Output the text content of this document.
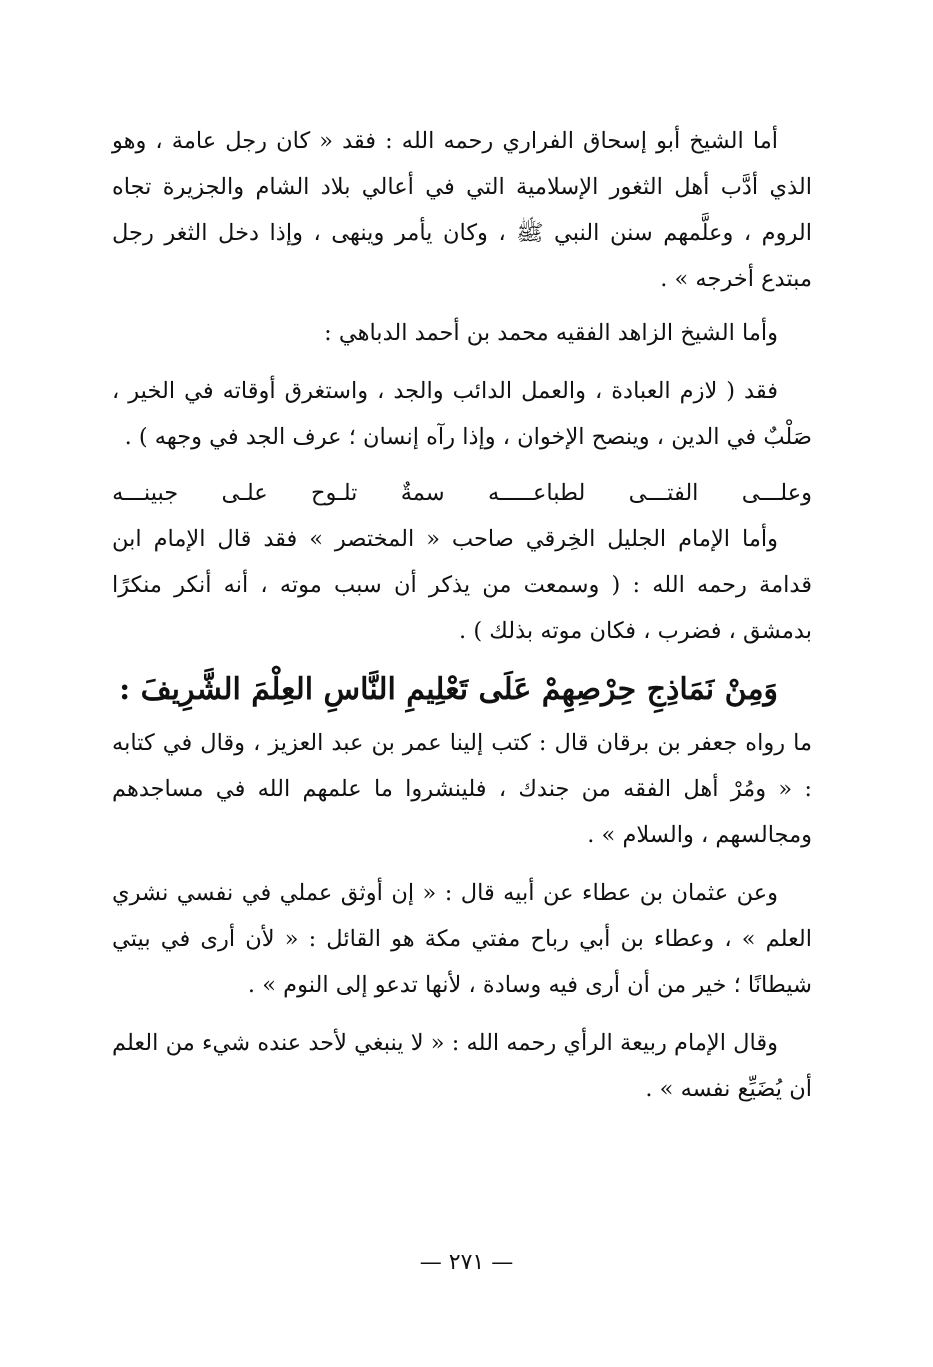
أما الشيخ أبو إسحاق الفراري رحمه الله : فقد « كان رجل عامة ، وهو الذي أدَّب أهل الثغور الإسلامية التي في أعالي بلاد الشام والجزيرة تجاه الروم ، وعلَّمهم سنن النبي ﷺ ، وكان يأمر وينهى ، وإذا دخل الثغر رجل مبتدع أخرجه » .

وأما الشيخ الزاهد الفقيه محمد بن أحمد الدباهي :

فقد ( لازم العبادة ، والعمل الدائب والجد ، واستغرق أوقاته في الخير ، صَلْبٌ في الدين ، وينصح الإخوان ، وإذا رآه إنسان ؛ عرف الجد في وجهه ) .

وعلـــى
الفتـــى
لطباعـــــه
سمةٌ
تلـوح
علـى
جبينـــه

وأما الإمام الجليل الخِرقي صاحب « المختصر » فقد قال الإمام ابن قدامة رحمه الله : ( وسمعت من يذكر أن سبب موته ، أنه أنكر منكرًا بدمشق ، فضرب ، فكان موته بذلك ) .

وَمِنْ نَمَاذِجِ حِرْصِهِمْ عَلَى تَعْلِيمِ النَّاسِ العِلْمَ الشَّرِيفَ :

ما رواه جعفر بن برقان قال : كتب إلينا عمر بن عبد العزيز ، وقال في كتابه : « ومُرْ أهل الفقه من جندك ، فلينشروا ما علمهم الله في مساجدهم ومجالسهم ، والسلام » .

وعن عثمان بن عطاء عن أبيه قال : « إن أوثق عملي في نفسي نشري العلم » ، وعطاء بن أبي رباح مفتي مكة هو القائل : « لأن أرى في بيتي شيطانًا ؛ خير من أن أرى فيه وسادة ، لأنها تدعو إلى النوم » .

وقال الإمام ربيعة الرأي رحمه الله : « لا ينبغي لأحد عنده شيء من العلم أن يُضَيِّع نفسه » .

— ٢٧١ —
